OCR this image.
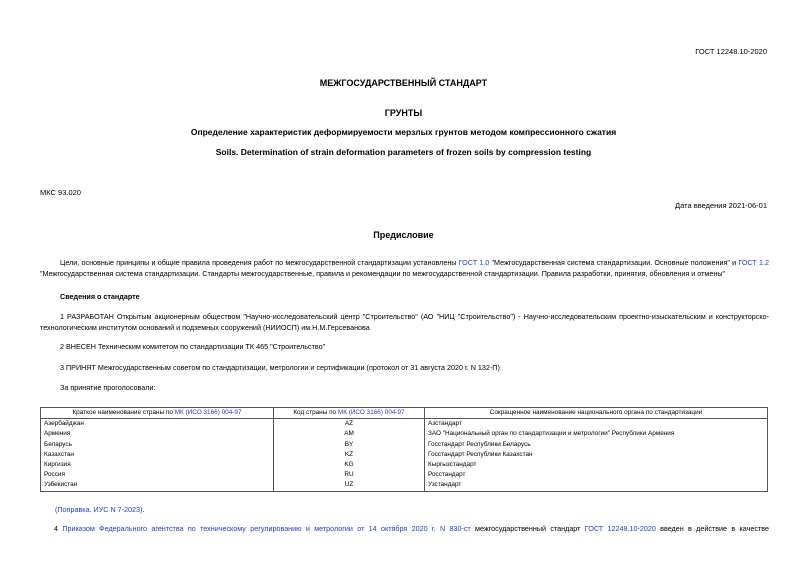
ГОСТ 12248.10-2020
МЕЖГОСУДАРСТВЕННЫЙ СТАНДАРТ
ГРУНТЫ
Определение характеристик деформируемости мерзлых грунтов методом компрессионного сжатия
Soils. Determination of strain deformation parameters of frozen soils by compression testing
МКС 93.020
Дата введения 2021-06-01
Предисловие
Цели, основные принципы и общие правила проведения работ по межгосударственной стандартизации установлены ГОСТ 1.0 "Межгосударственная система стандартизации. Основные положения" и ГОСТ 1.2 "Межгосударственная система стандартизации. Стандарты межгосударственные, правила и рекомендации по межгосударственной стандартизации. Правила разработки, принятия, обновления и отмены"
Сведения о стандарте
1 РАЗРАБОТАН Открытым акционерным обществом "Научно-исследовательский центр "Строительство" (АО "НИЦ "Строительство") - Научно-исследовательским проектно-изыскательским и конструкторско-технологическим институтом оснований и подземных сооружений (НИИОСП) им.Н.М.Герсеванова
2 ВНЕСЕН Техническим комитетом по стандартизации ТК 465 "Строительство"
3 ПРИНЯТ Межгосударственным советом по стандартизации, метрологии и сертификации (протокол от 31 августа 2020 г. N 132-П)
За принятие проголосовали:
Краткое наименование страны по МК (ИСО 3166) 004-97	Код страны по МК (ИСО 3166) 004-97	Сокращенное наименование национального органа по стандартизации
Азербайджан	AZ	Азстандарт
Армения	AM	ЗАО "Национальный орган по стандартизации и метрологии" Республики Армения
Беларусь	BY	Госстандарт Республики Беларусь
Казахстан	KZ	Госстандарт Республики Казахстан
Киргизия	KG	Кыргызстандарт
Россия	RU	Росстандарт
Узбекистан	UZ	Узстандарт
(Поправка. ИУС N 7-2023).
4 Приказом Федерального агентства по техническому регулированию и метрологии от 14 октября 2020 г. N 830-ст межгосударственный стандарт ГОСТ 12248.10-2020 введен в действие в качестве
